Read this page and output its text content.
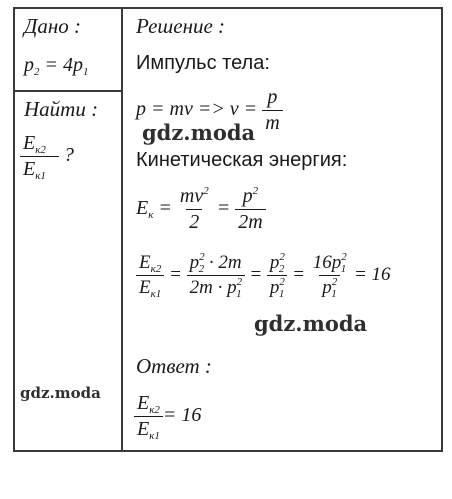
Дано :
$p_2 = 4p_1$
Найти :
$\frac{E_{к2}}{E_{к1}}$ – ?
Решение :
Импульс тела:
p = mv => $v = \frac{p}{m}$
gdz.moda
Кинетическая энергия:
$E_к = \frac{mv^2}{2} = \frac{p^2}{2m}$
$\frac{E_{к2}}{E_{к1}} = \frac{p^2_2 \cdot 2m}{2m \cdot p^2_1} = \frac{p^2_2}{p^2_1} = \frac{16p^2_1}{p^2_1} = 16$
gdz.moda
Ответ :
$\frac{E_{к2}}{E_{к1}} = 16$
gdz.moda
